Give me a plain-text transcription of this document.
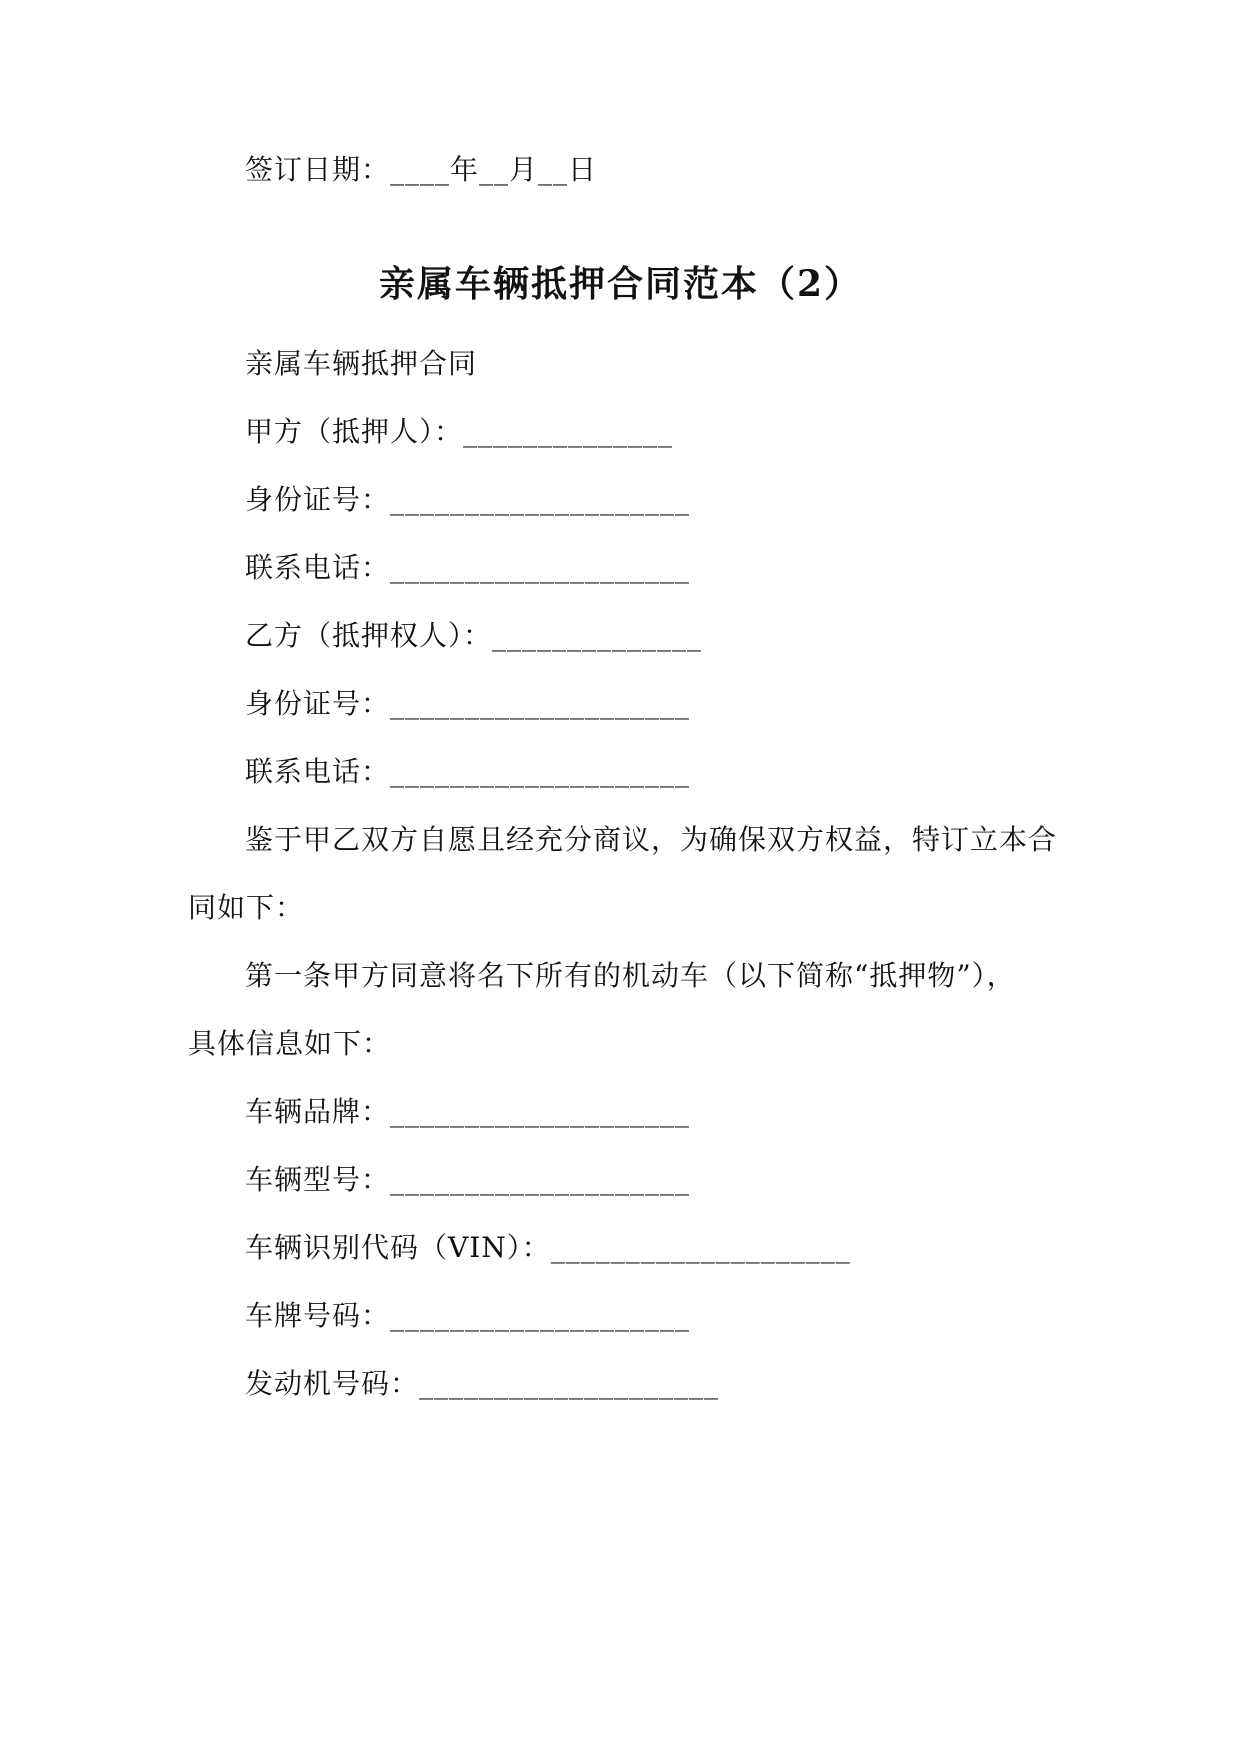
签订日期：____年__月__日
亲属车辆抵押合同范本（2）
亲属车辆抵押合同
甲方（抵押人）：______________
身份证号：____________________
联系电话：____________________
乙方（抵押权人）：______________
身份证号：____________________
联系电话：____________________
鉴于甲乙双方自愿且经充分商议，为确保双方权益，特订立本合
同如下：
第一条甲方同意将名下所有的机动车（以下简称“抵押物”），
具体信息如下：
车辆品牌：____________________
车辆型号：____________________
车辆识别代码（VIN）：____________________
车牌号码：____________________
发动机号码：____________________
